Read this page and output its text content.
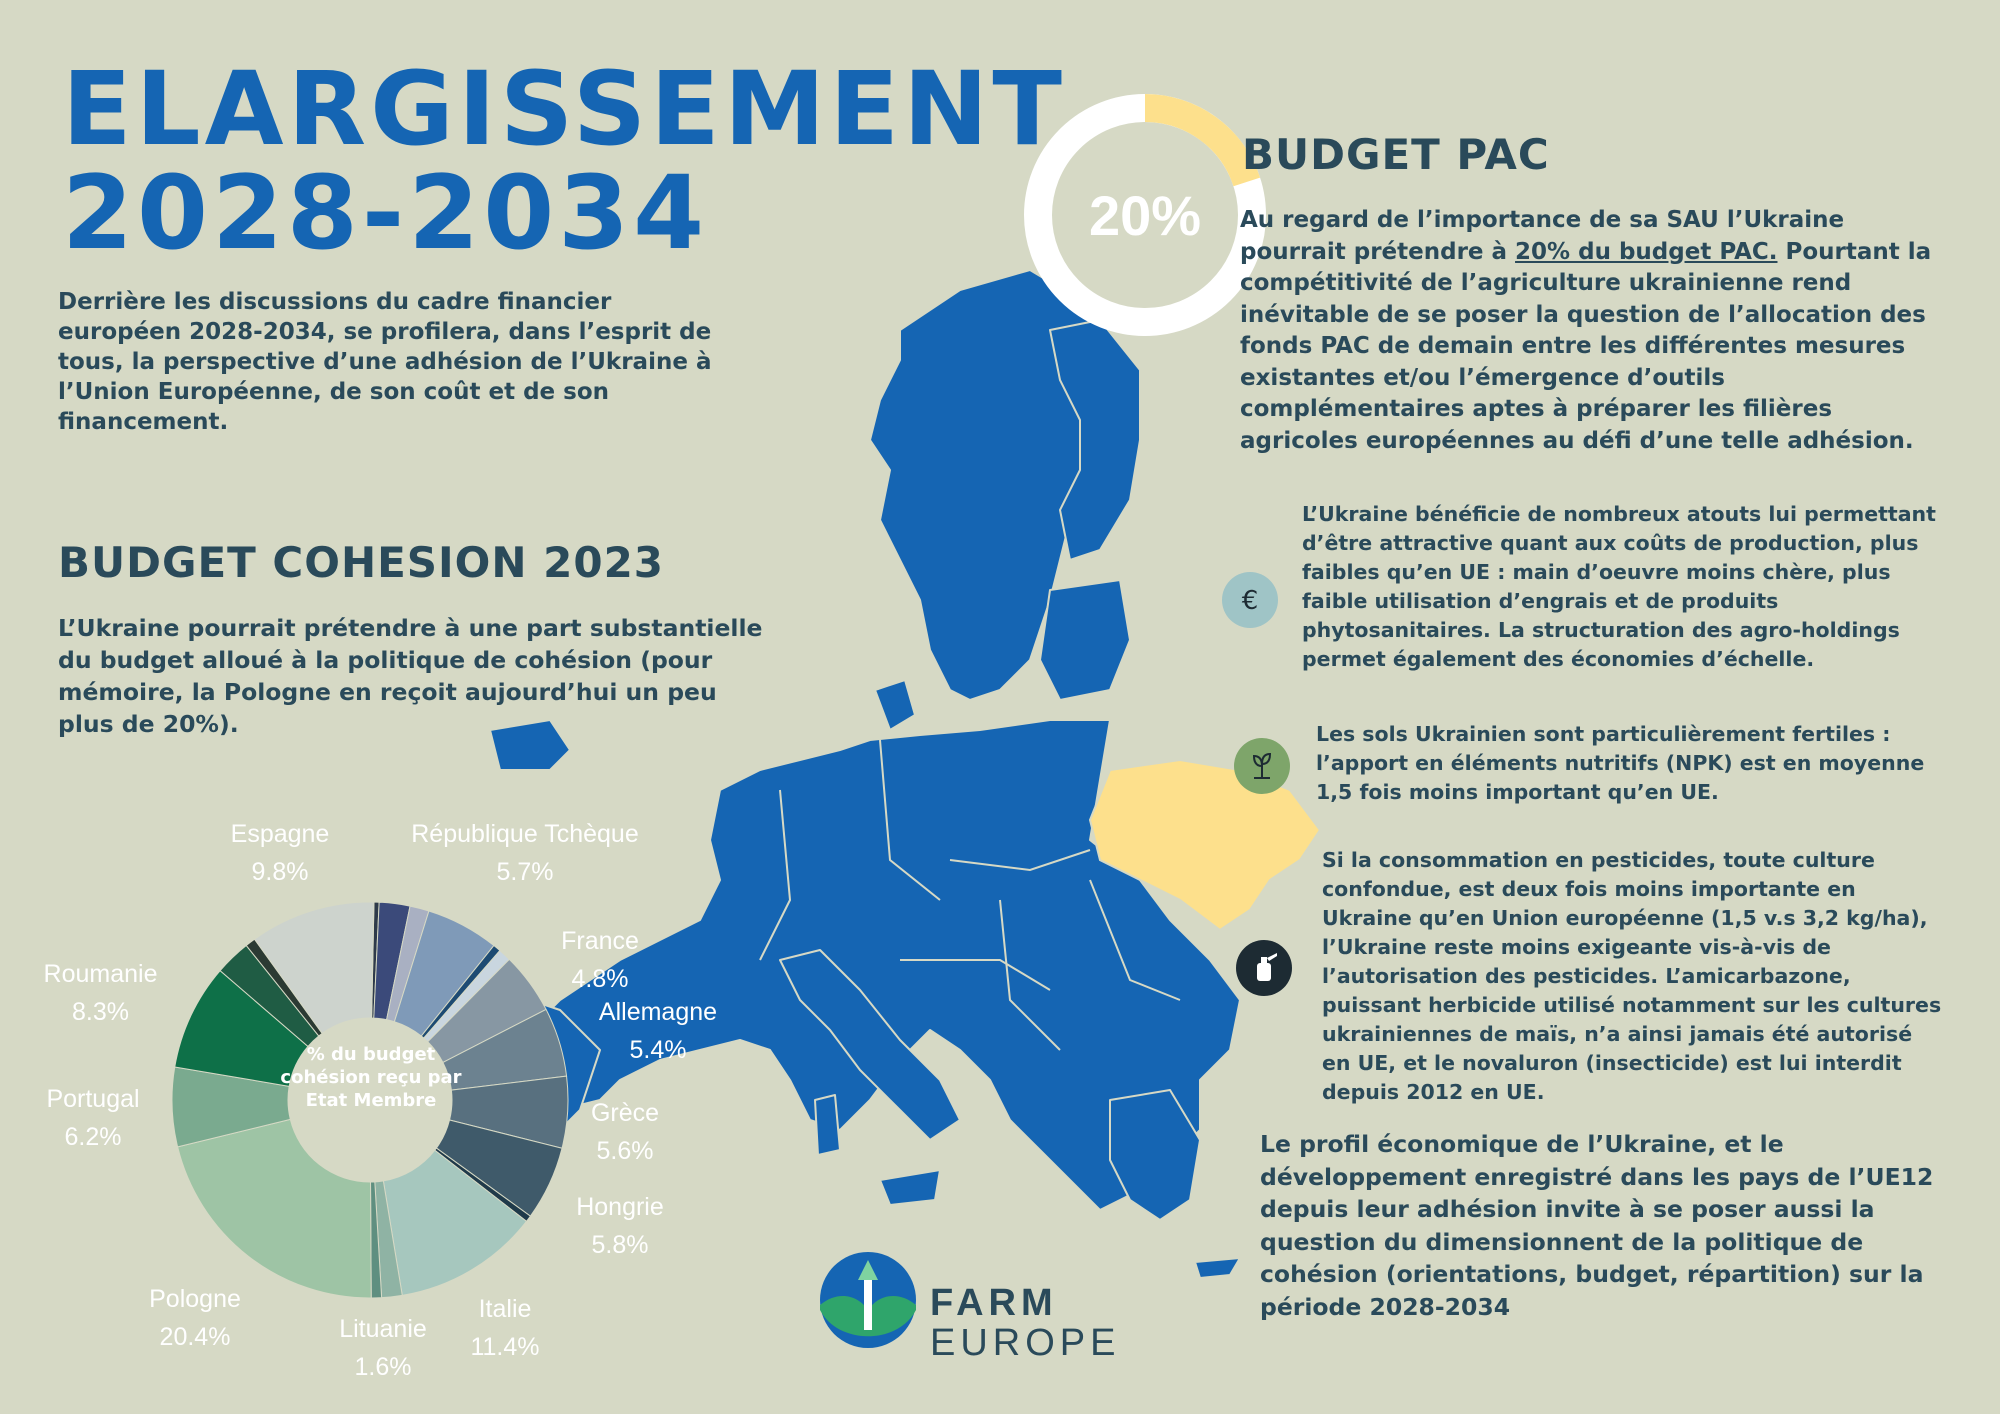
ELARGISSEMENT
2028-2034
Derrière les discussions du cadre financier européen 2028-2034, se profilera, dans l’esprit de tous, la perspective d’une adhésion de l’Ukraine à l’Union Européenne, de son coût et de son financement.
20%
BUDGET PAC
Au regard de l’importance de sa SAU l’Ukraine pourrait prétendre à 20% du budget PAC. Pourtant la compétitivité de l’agriculture ukrainienne rend inévitable de se poser la question de l’allocation des fonds PAC de demain entre les différentes mesures existantes et/ou l’émergence d’outils complémentaires aptes à préparer les filières agricoles européennes au défi d’une telle adhésion.
€
L’Ukraine bénéficie de nombreux atouts lui permettant d’être attractive quant aux coûts de production, plus faibles qu’en UE : main d’oeuvre moins chère, plus faible utilisation d’engrais et de produits phytosanitaires. La structuration des agro-holdings permet également des économies d’échelle.
Les sols Ukrainien sont particulièrement fertiles : l’apport en éléments nutritifs (NPK) est en moyenne 1,5 fois moins important qu’en UE.
Si la consommation en pesticides, toute culture confondue, est deux fois moins importante en Ukraine qu’en Union européenne (1,5 v.s 3,2 kg/ha), l’Ukraine reste moins exigeante vis-à-vis de l’autorisation des pesticides. L’amicarbazone, puissant herbicide utilisé notamment sur les cultures ukrainiennes de maïs, n’a ainsi jamais été autorisé en UE, et le novaluron (insecticide) est lui interdit depuis 2012 en UE.
Le profil économique de l’Ukraine, et le développement enregistré dans les pays de l’UE12 depuis leur adhésion invite à se poser aussi la question du dimensionnent de la politique de cohésion (orientations, budget, répartition) sur la période 2028-2034
BUDGET COHESION 2023
L’Ukraine pourrait prétendre à une part substantielle du budget alloué à la politique de cohésion (pour mémoire, la Pologne en reçoit aujourd’hui un peu plus de 20%).
% du budget cohésion reçu par Etat Membre
Espagne
9.8%
République Tchèque
5.7%
France
4.8%
Allemagne
5.4%
Grèce
5.6%
Hongrie
5.8%
Italie
11.4%
Lituanie
1.6%
Pologne
20.4%
Portugal
6.2%
Roumanie
8.3%
FARM
EUROPE
